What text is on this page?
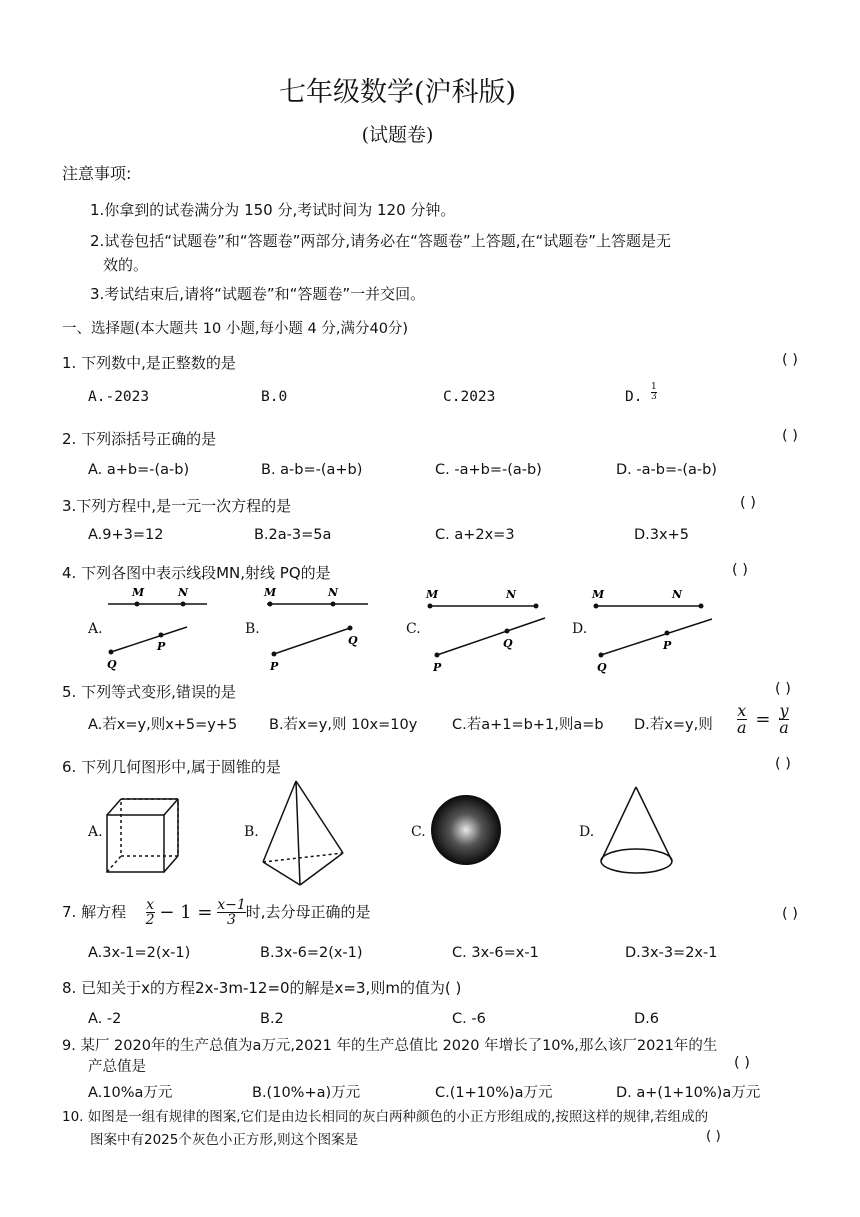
七年级数学(沪科版)
(试题卷)
注意事项:
1.你拿到的试卷满分为 150 分,考试时间为 120 分钟。
2.试卷包括“试题卷”和“答题卷”两部分,请务必在“答题卷”上答题,在“试题卷”上答题是无
效的。
3.考试结束后,请将“试题卷”和“答题卷”一并交回。
一、选择题(本大题共 10 小题,每小题 4 分,满分40分)
1. 下列数中,是正整数的是	( )
A.-2023	B.0	C.2023	D. $\frac{1}{3}$
2. 下列添括号正确的是	( )
A. a+b=-(a-b)	B. a-b=-(a+b)	C. -a+b=-(a-b)	D. -a-b=-(a-b)
3.下列方程中,是一元一次方程的是	( )
A.9+3=12	B.2a-3=5a	C. a+2x=3	D.3x+5
4. 下列各图中表示线段MN,射线 PQ的是	( )
A.	B.	C.	D.
M	N
Q
P
M	N
P
Q
M	N
P
Q
M	N
Q
P
5. 下列等式变形,错误的是	( )
A.若x=y,则x+5=y+5 B.若x=y,则 10x=10y C.若a+1=b+1,则a=b D.若x=y,则 $\frac{x}{a} = \frac{y}{a}$
6. 下列几何图形中,属于圆锥的是	( )
A.	B.	C.	D.
7. 解方程 $\frac{x}{2} - 1 = \frac{x-1}{3}$ 时,去分母正确的是	( )
A.3x-1=2(x-1)	B.3x-6=2(x-1)	C. 3x-6=x-1	D.3x-3=2x-1
8. 已知关于x的方程2x-3m-12=0的解是x=3,则m的值为( )
A. -2	B.2	C. -6	D.6
9. 某厂 2020年的生产总值为a万元,2021 年的生产总值比 2020 年增长了10%,那么该厂2021年的生
产总值是	( )
A.10%a万元	B.(10%+a)万元	C.(1+10%)a万元	D. a+(1+10%)a万元
10. 如图是一组有规律的图案,它们是由边长相同的灰白两种颜色的小正方形组成的,按照这样的规律,若组成的
图案中有2025个灰色小正方形,则这个图案是	( )
